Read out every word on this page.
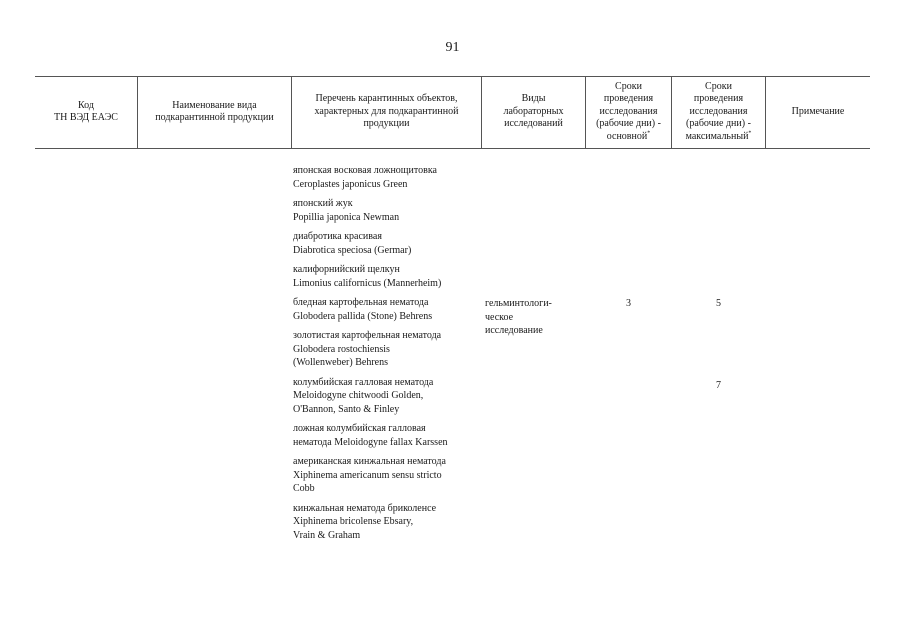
91
Код
ТН ВЭД ЕАЭС
Наименование вида
подкарантинной продукции
Перечень карантинных объектов,
характерных для подкарантинной
продукции
Виды
лабораторных
исследований
Сроки
проведения
исследования
(рабочие дни) -
основной*
Сроки
проведения
исследования
(рабочие дни) -
максимальный*
Примечание
японская восковая ложнощитовка
Ceroplastes japonicus Green
японский жук
Popillia japonica Newman
диабротика красивая
Diabrotica speciosa (Germar)
калифорнийский щелкун
Limonius californicus (Mannerheim)
бледная картофельная нематода
Globodera pallida (Stone) Behrens
золотистая картофельная нематода
Globodera rostochiensis
(Wollenweber) Behrens
колумбийская галловая нематода
Meloidogyne chitwoodi Golden,
O'Bannon, Santo & Finley
ложная колумбийская галловая
нематода Meloidogyne fallax Karssen
американская кинжальная нематода
Xiphinema americanum sensu stricto
Cobb
кинжальная нематода бриколенсе
Xiphinema bricolense Ebsary,
Vrain & Graham
гельминтологи-
ческое
исследование
3	5
7
